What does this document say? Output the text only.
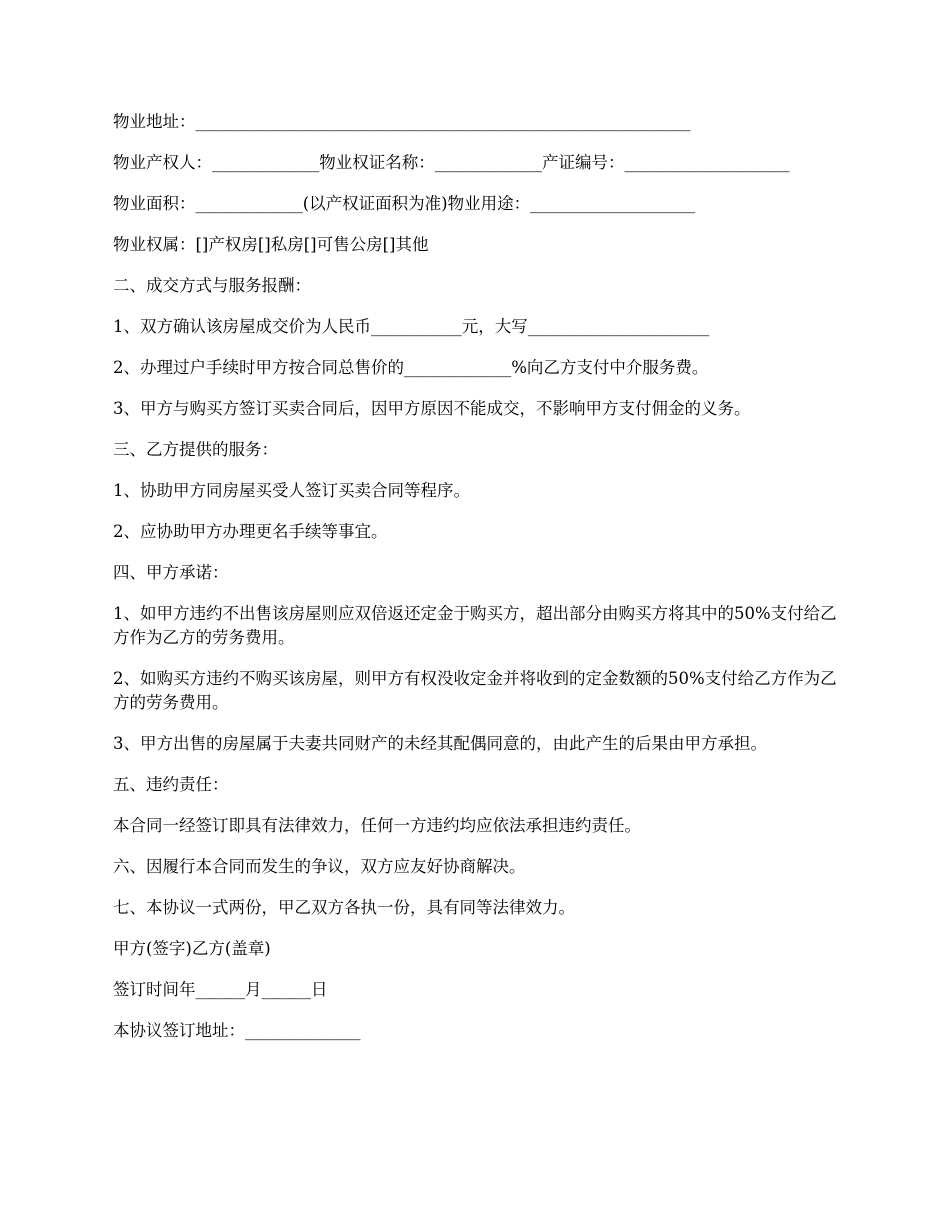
物业地址：____________________________________________________________

物业产权人：_____________物业权证名称：_____________产证编号：____________________

物业面积：_____________(以产权证面积为准)物业用途：____________________

物业权属：[]产权房[]私房[]可售公房[]其他

二、成交方式与服务报酬：

1、双方确认该房屋成交价为人民币___________元，大写______________________

2、办理过户手续时甲方按合同总售价的_____________%向乙方支付中介服务费。

3、甲方与购买方签订买卖合同后，因甲方原因不能成交，不影响甲方支付佣金的义务。

三、乙方提供的服务：

1、协助甲方同房屋买受人签订买卖合同等程序。

2、应协助甲方办理更名手续等事宜。

四、甲方承诺：

1、如甲方违约不出售该房屋则应双倍返还定金于购买方，超出部分由购买方将其中的50%支付给乙方作为乙方的劳务费用。

2、如购买方违约不购买该房屋，则甲方有权没收定金并将收到的定金数额的50%支付给乙方作为乙方的劳务费用。

3、甲方出售的房屋属于夫妻共同财产的未经其配偶同意的，由此产生的后果由甲方承担。

五、违约责任：

本合同一经签订即具有法律效力，任何一方违约均应依法承担违约责任。

六、因履行本合同而发生的争议，双方应友好协商解决。

七、本协议一式两份，甲乙双方各执一份，具有同等法律效力。

甲方(签字)乙方(盖章)

签订时间年______月______日

本协议签订地址：______________
